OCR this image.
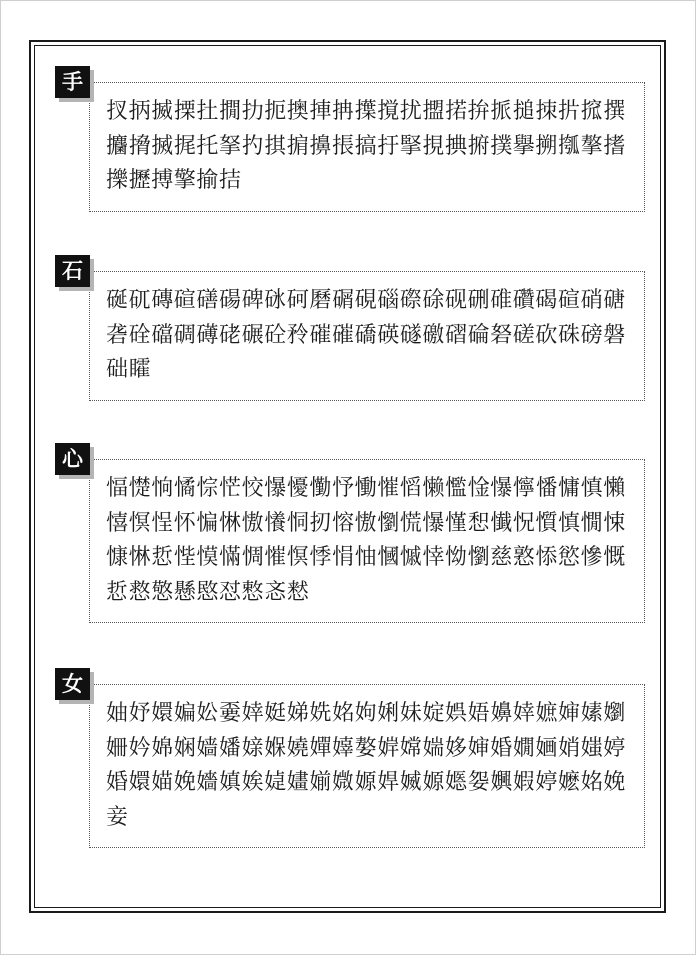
手
扠抦揻搮扗撊扐扼擙捙抩擛撹扰擝掿拚挀搥拺扸搲撰攟搚搣捤托拏扚掑掮擤掁搞扜掔挸捵捬撲擧搠摦摮搘擽攊搏擎揄拮
石
硟矹磚碹磰碭碑砯砢磿碿硯碯磜硢砚硎碓礸碣碹硝磄砻硂礑碉礡硓碾砼矝磪磪礄碤礈礉磖碖砮磋砍硃磅磐础矐
心
愊憷恦憰悰恾恔懪懮懄忬慟慛慆懒懢惍懪懧憣慵慎懶憘慏悜怀惼惏慠懩恫扨愹慠懰慌懪慬惒懴怳懫慎憪悚慷惏悊悂慔慲惆慛慏悸悁怞慖慽悻怮懰慈憝悿慾慘慨悊慦憼懸愍怼慗忞慭
女
妯妤嬛媥妐嫑婞娗娣姺姳姁娳妹婝娯娪嬶婞嫬婶嫊嬼姍妗婂娴嫱嬏媇媬嬈嬋嫴嫯婩嫦媏姼婶婚嫺婳娋媸婷婚嬛媌娩嬙嫃娭媫嫿媊媺嫄娨媙嫄嫕妴嬹婽婷嬷姳娩妾
